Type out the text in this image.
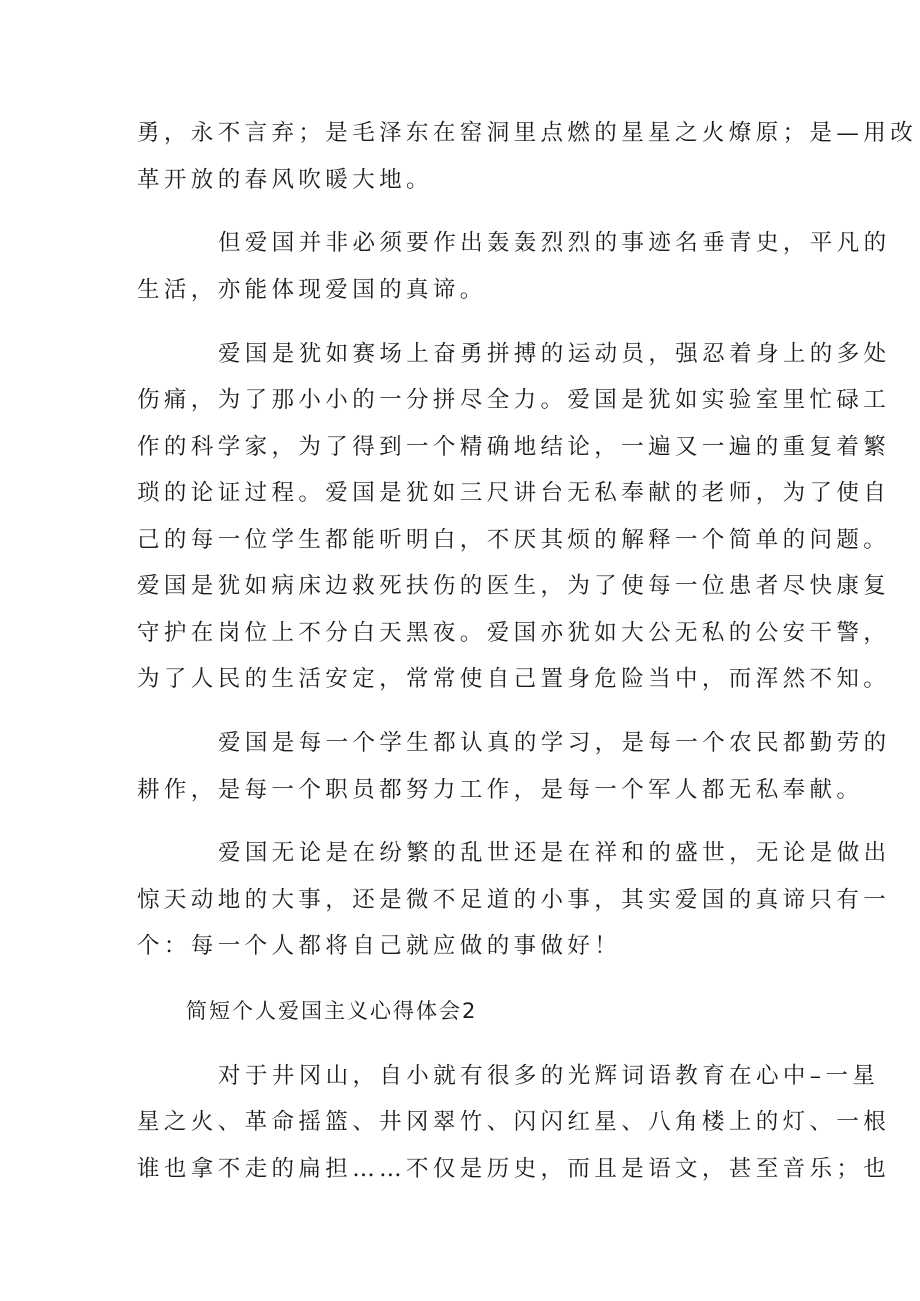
勇，永不言弃；是毛泽东在窑洞里点燃的星星之火燎原；是—用改
革开放的春风吹暖大地。
但爱国并非必须要作出轰轰烈烈的事迹名垂青史，平凡的
生活，亦能体现爱国的真谛。
爱国是犹如赛场上奋勇拼搏的运动员，强忍着身上的多处
伤痛，为了那小小的一分拼尽全力。爱国是犹如实验室里忙碌工
作的科学家，为了得到一个精确地结论，一遍又一遍的重复着繁
琐的论证过程。爱国是犹如三尺讲台无私奉献的老师，为了使自
己的每一位学生都能听明白，不厌其烦的解释一个简单的问题。
爱国是犹如病床边救死扶伤的医生，为了使每一位患者尽快康复
守护在岗位上不分白天黑夜。爱国亦犹如大公无私的公安干警，
为了人民的生活安定，常常使自己置身危险当中，而浑然不知。
爱国是每一个学生都认真的学习，是每一个农民都勤劳的
耕作，是每一个职员都努力工作，是每一个军人都无私奉献。
爱国无论是在纷繁的乱世还是在祥和的盛世，无论是做出
惊天动地的大事，还是微不足道的小事，其实爱国的真谛只有一
个：每一个人都将自己就应做的事做好！
简短个人爱国主义心得体会2
对于井冈山，自小就有很多的光辉词语教育在心中–一星
星之火、革命摇篮、井冈翠竹、闪闪红星、八角楼上的灯、一根
谁也拿不走的扁担……不仅是历史，而且是语文，甚至音乐；也
